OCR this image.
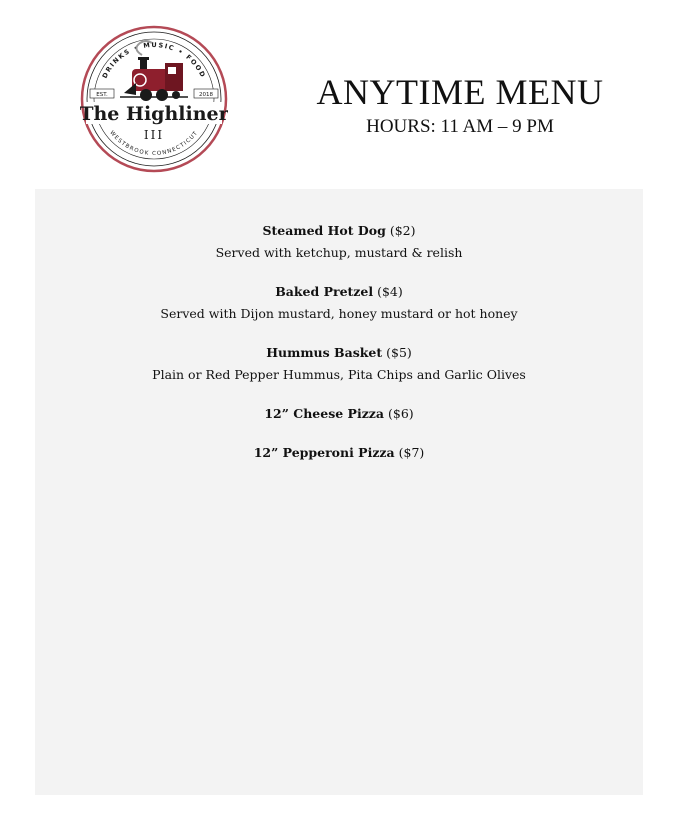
DRINKS • MUSIC • FOOD
WESTBROOK CONNECTICUT
EST.	2018
The Highliner
III
ANYTIME MENU
HOURS: 11 AM – 9 PM
Steamed Hot Dog ($2)
Served with ketchup, mustard & relish
Baked Pretzel ($4)
Served with Dijon mustard, honey mustard or hot honey
Hummus Basket ($5)
Plain or Red Pepper Hummus, Pita Chips and Garlic Olives
12” Cheese Pizza ($6)
12” Pepperoni Pizza ($7)
